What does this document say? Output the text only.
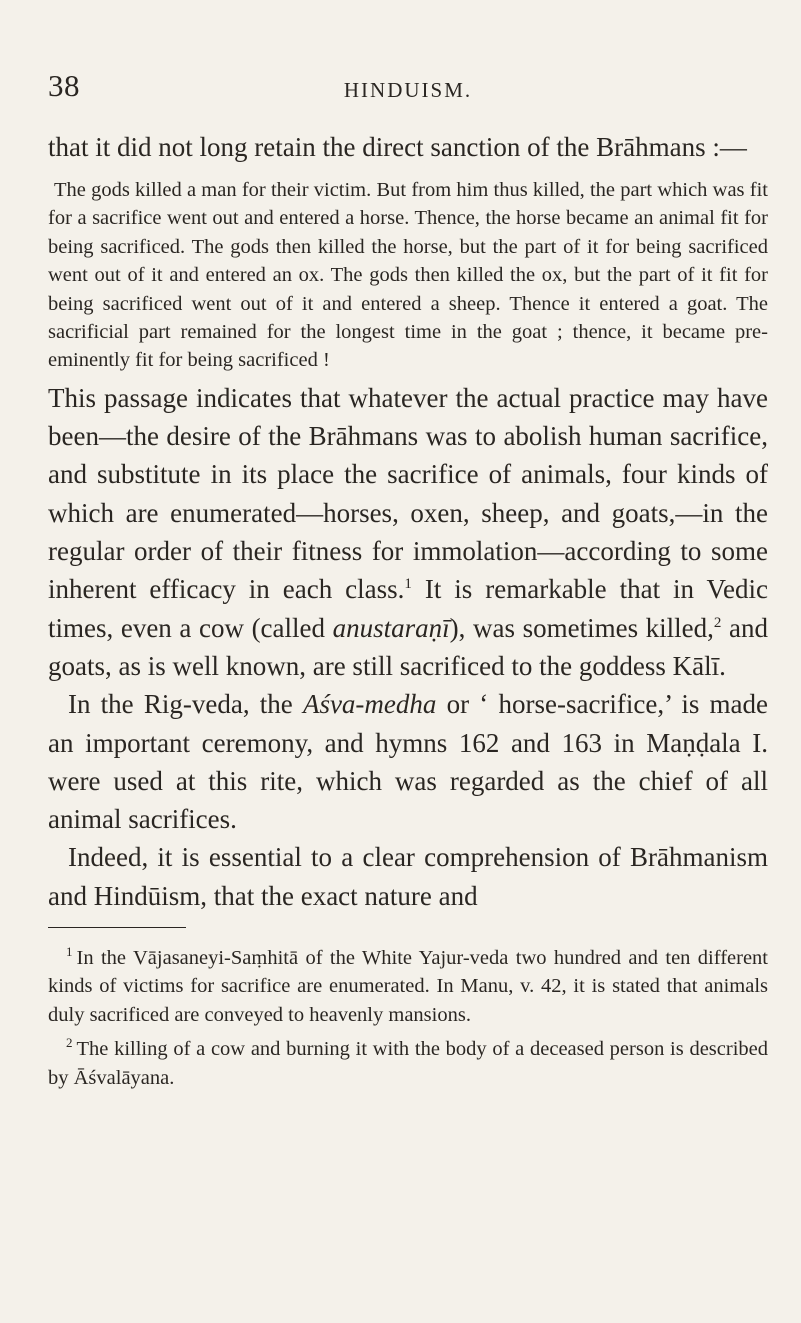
38	HINDUISM.

that it did not long retain the direct sanction of the Brāhmans :—

The gods killed a man for their victim. But from him thus killed, the part which was fit for a sacrifice went out and entered a horse. Thence, the horse became an animal fit for being sacrificed. The gods then killed the horse, but the part of it for being sacrificed went out of it and entered an ox. The gods then killed the ox, but the part of it fit for being sacrificed went out of it and entered a sheep. Thence it entered a goat. The sacrificial part remained for the longest time in the goat ; thence, it became pre-eminently fit for being sacrificed !

This passage indicates that whatever the actual practice may have been—the desire of the Brāhmans was to abolish human sacrifice, and substitute in its place the sacrifice of animals, four kinds of which are enumerated—horses, oxen, sheep, and goats,—in the regular order of their fitness for immolation—according to some inherent efficacy in each class.$^1$ It is remarkable that in Vedic times, even a cow (called anustaraṇī), was sometimes killed,$^2$ and goats, as is well known, are still sacrificed to the goddess Kālī.

In the Rig-veda, the Aśva-medha or ‘ horse-sacrifice,’ is made an important ceremony, and hymns 162 and 163 in Maṇḍala I. were used at this rite, which was regarded as the chief of all animal sacrifices.

Indeed, it is essential to a clear comprehension of Brāhmanism and Hindūism, that the exact nature and

$^1$ In the Vājasaneyi-Saṃhitā of the White Yajur-veda two hundred and ten different kinds of victims for sacrifice are enumerated. In Manu, v. 42, it is stated that animals duly sacrificed are conveyed to heavenly mansions.

$^2$ The killing of a cow and burning it with the body of a deceased person is described by Āśvalāyana.
